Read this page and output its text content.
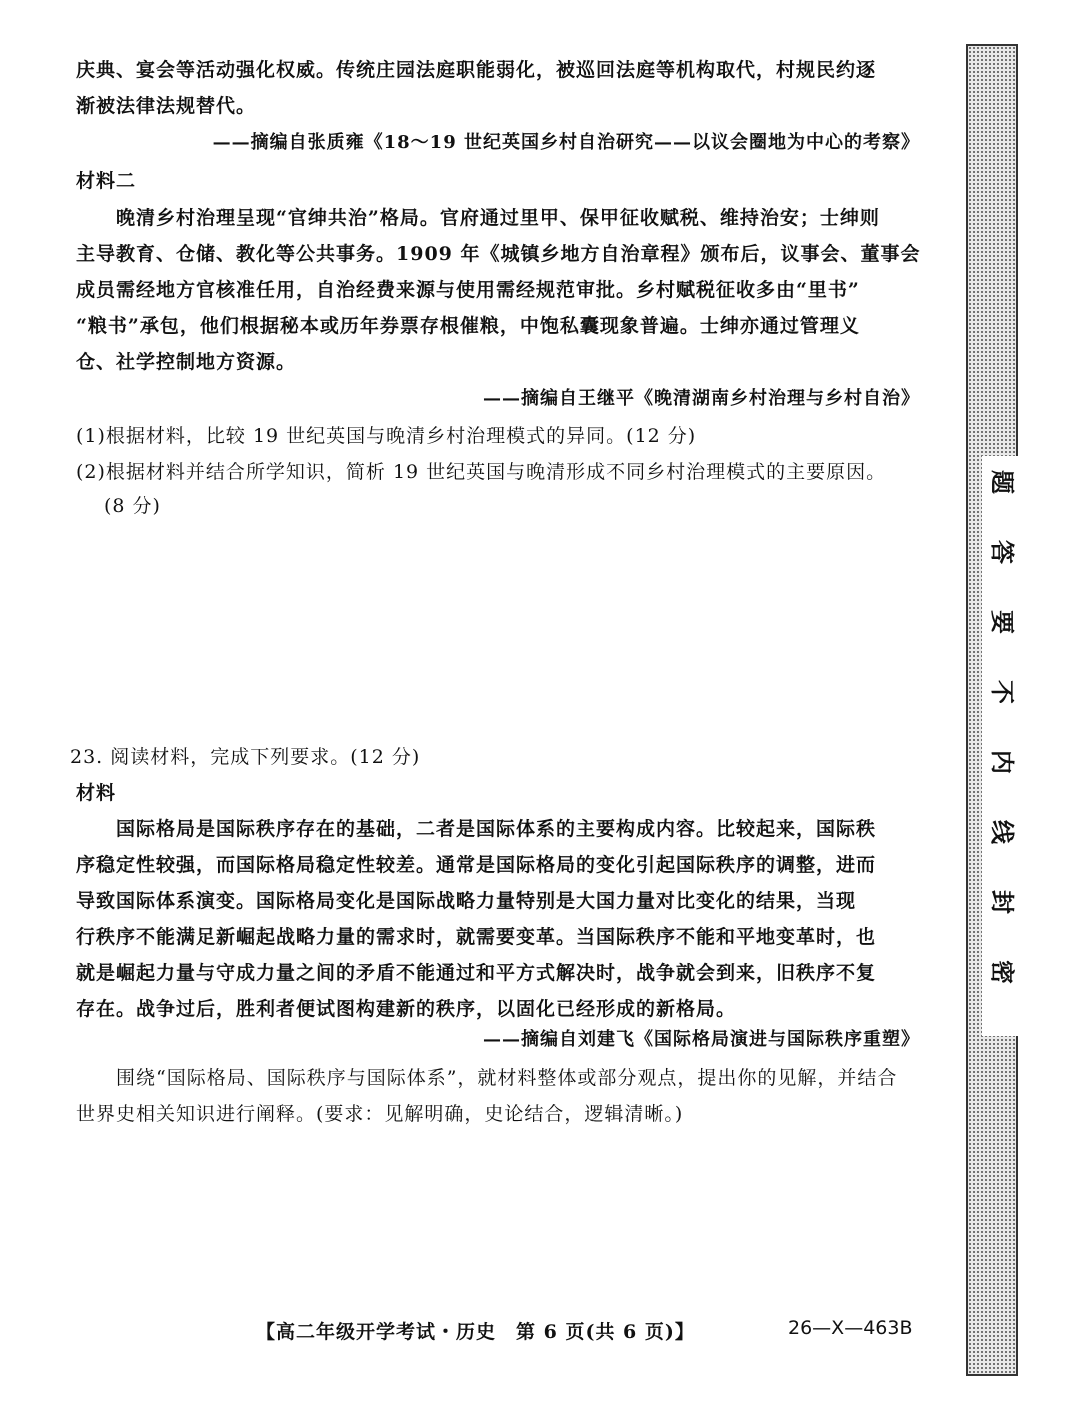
庆典、宴会等活动强化权威。传统庄园法庭职能弱化，被巡回法庭等机构取代，村规民约逐
渐被法律法规替代。
——摘编自张质雍《18～19 世纪英国乡村自治研究——以议会圈地为中心的考察》
材料二
晚清乡村治理呈现“官绅共治”格局。官府通过里甲、保甲征收赋税、维持治安；士绅则
主导教育、仓储、教化等公共事务。1909 年《城镇乡地方自治章程》颁布后，议事会、董事会
成员需经地方官核准任用，自治经费来源与使用需经规范审批。乡村赋税征收多由“里书”
“粮书”承包，他们根据秘本或历年券票存根催粮，中饱私囊现象普遍。士绅亦通过管理义
仓、社学控制地方资源。
——摘编自王继平《晚清湖南乡村治理与乡村自治》
(1)根据材料，比较 19 世纪英国与晚清乡村治理模式的异同。(12 分)
(2)根据材料并结合所学知识，简析 19 世纪英国与晚清形成不同乡村治理模式的主要原因。
(8 分)
23. 阅读材料，完成下列要求。(12 分)
材料
国际格局是国际秩序存在的基础，二者是国际体系的主要构成内容。比较起来，国际秩
序稳定性较强，而国际格局稳定性较差。通常是国际格局的变化引起国际秩序的调整，进而
导致国际体系演变。国际格局变化是国际战略力量特别是大国力量对比变化的结果，当现
行秩序不能满足新崛起战略力量的需求时，就需要变革。当国际秩序不能和平地变革时，也
就是崛起力量与守成力量之间的矛盾不能通过和平方式解决时，战争就会到来，旧秩序不复
存在。战争过后，胜利者便试图构建新的秩序，以固化已经形成的新格局。
——摘编自刘建飞《国际格局演进与国际秩序重塑》
围绕“国际格局、国际秩序与国际体系”，就材料整体或部分观点，提出你的见解，并结合
世界史相关知识进行阐释。(要求：见解明确，史论结合，逻辑清晰。)
题
答
要
不
内
线
封
密
【高二年级开学考试・历史　第 6 页(共 6 页)】	26—X—463B
